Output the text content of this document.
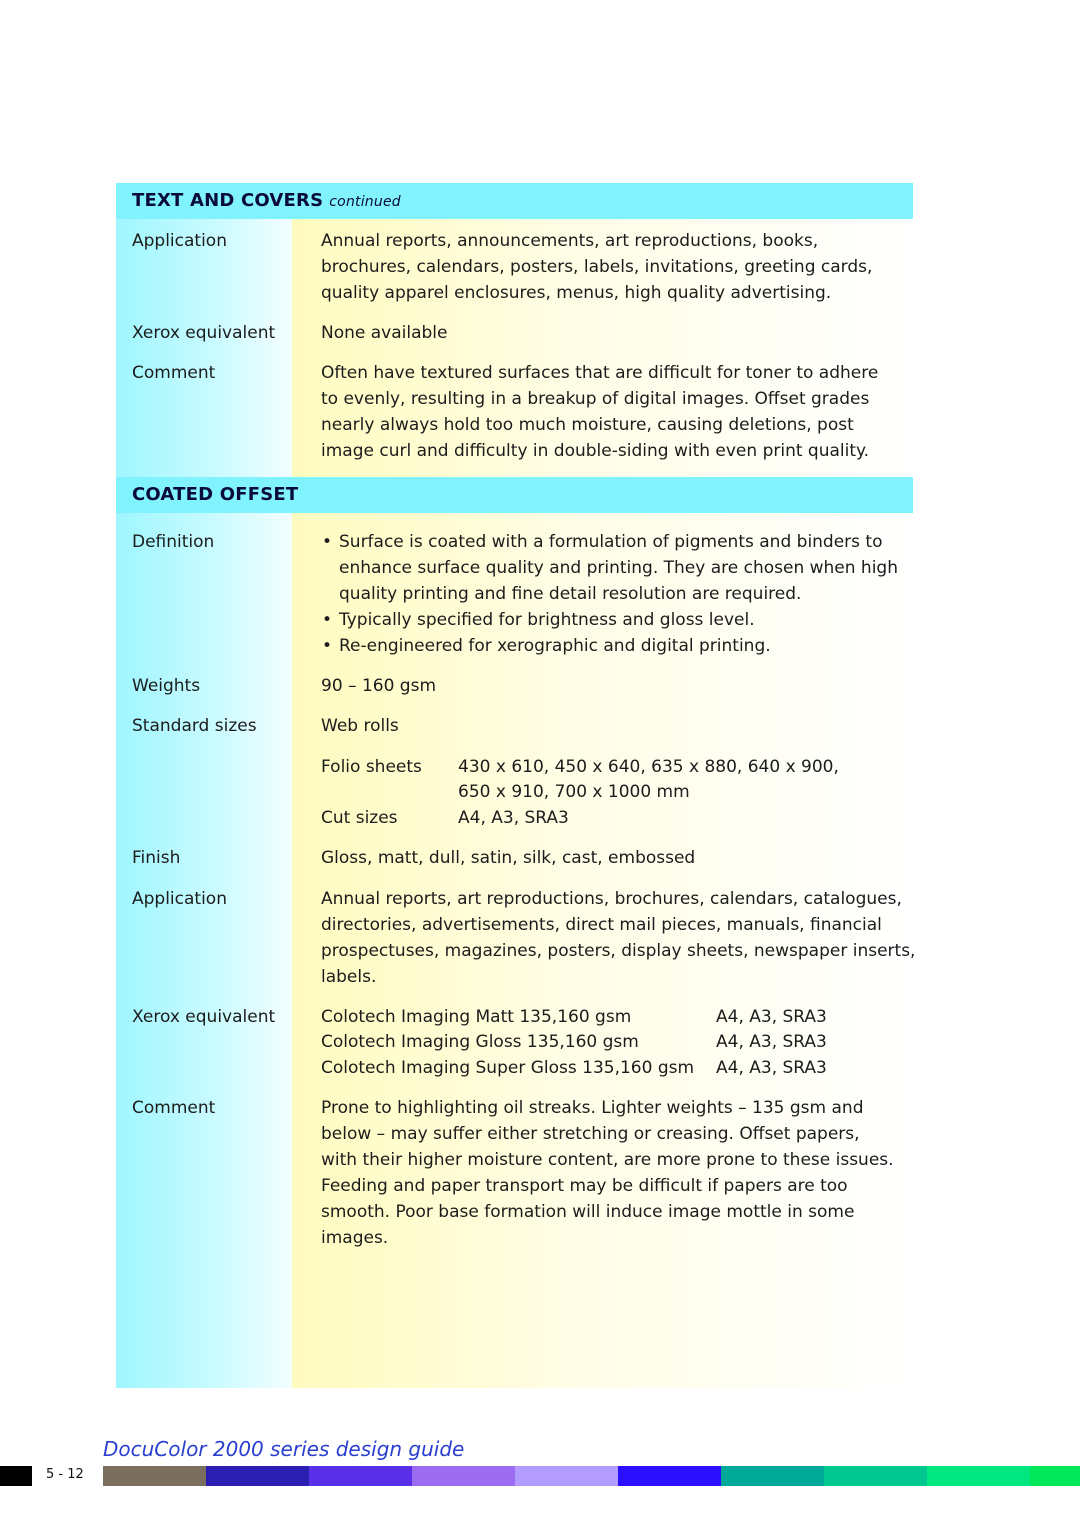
TEXT AND COVERS continued
Application	Annual reports, announcements, art reproductions, books,
brochures, calendars, posters, labels, invitations, greeting cards,
quality apparel enclosures, menus, high quality advertising.
Xerox equivalent	None available
Comment	Often have textured surfaces that are difficult for toner to adhere
to evenly, resulting in a breakup of digital images. Offset grades
nearly always hold too much moisture, causing deletions, post
image curl and difficulty in double-siding with even print quality.
COATED OFFSET
Definition	• Surface is coated with a formulation of pigments and binders to
enhance surface quality and printing. They are chosen when high
quality printing and fine detail resolution are required.
• Typically specified for brightness and gloss level.
• Re-engineered for xerographic and digital printing.
Weights	90 – 160 gsm
Standard sizes	Web rolls
Folio sheets 430 x 610, 450 x 640, 635 x 880, 640 x 900,
650 x 910, 700 x 1000 mm
Cut sizes	A4, A3, SRA3
Finish	Gloss, matt, dull, satin, silk, cast, embossed
Application	Annual reports, art reproductions, brochures, calendars, catalogues,
directories, advertisements, direct mail pieces, manuals, financial
prospectuses, magazines, posters, display sheets, newspaper inserts,
labels.
Xerox equivalent	Colotech Imaging Matt 135,160 gsm	A4, A3, SRA3
Colotech Imaging Gloss 135,160 gsm	A4, A3, SRA3
Colotech Imaging Super Gloss 135,160 gsm A4, A3, SRA3
Comment	Prone to highlighting oil streaks. Lighter weights – 135 gsm and
below – may suffer either stretching or creasing. Offset papers,
with their higher moisture content, are more prone to these issues.
Feeding and paper transport may be difficult if papers are too
smooth. Poor base formation will induce image mottle in some
images.
DocuColor 2000 series design guide
5 - 12
